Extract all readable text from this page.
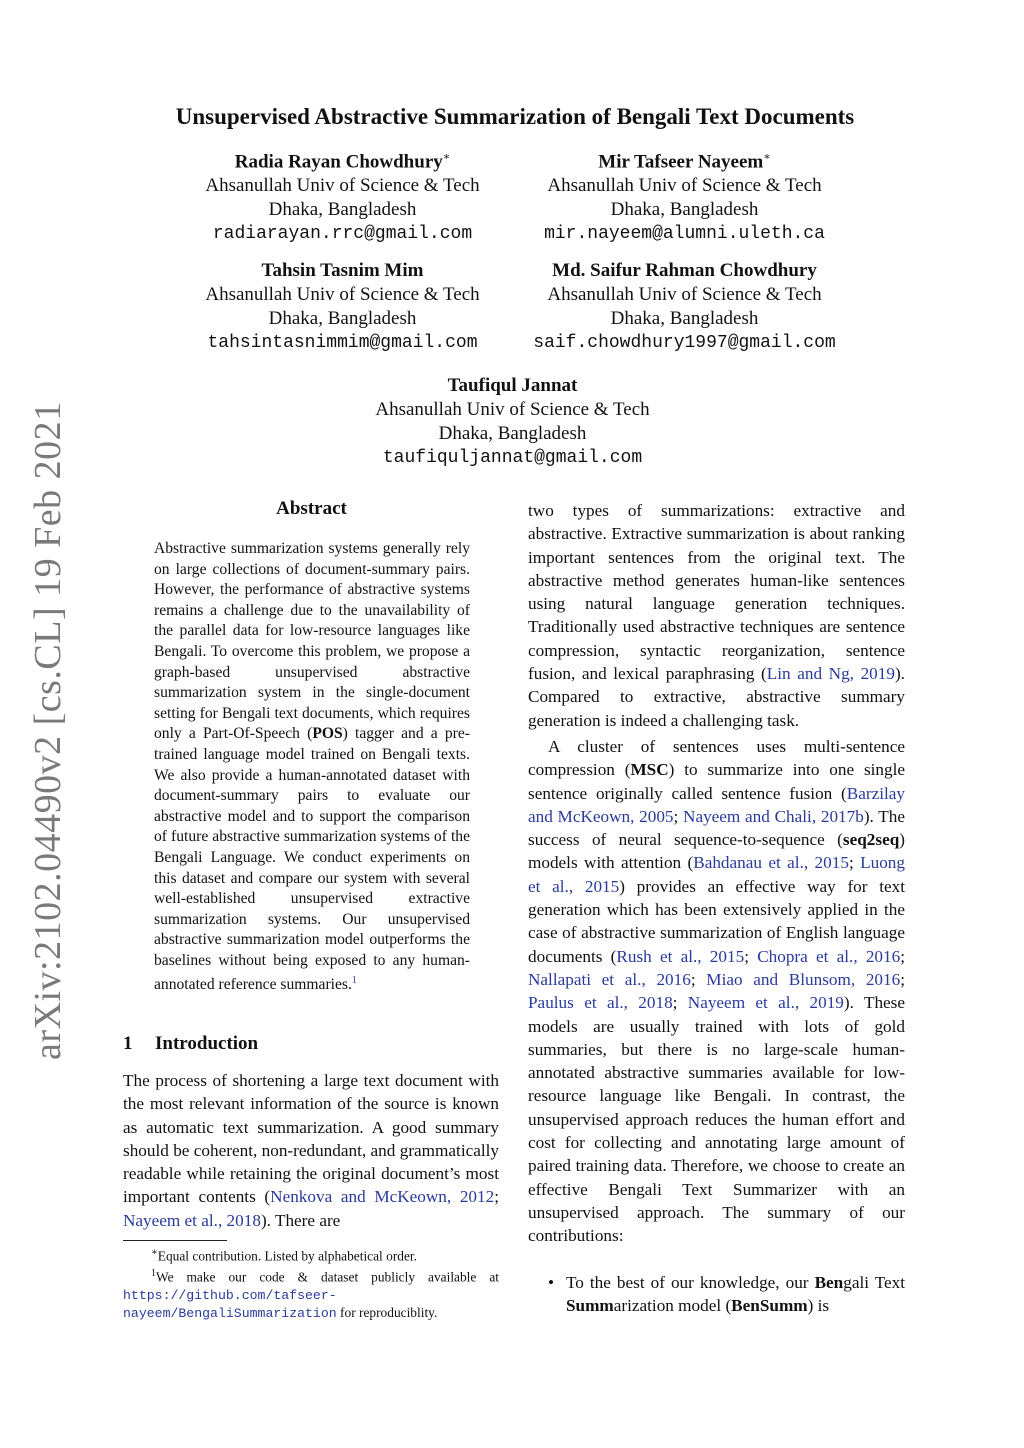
arXiv:2102.04490v2 [cs.CL] 19 Feb 2021
Unsupervised Abstractive Summarization of Bengali Text Documents
Radia Rayan Chowdhury∗
Ahsanullah Univ of Science & Tech
Dhaka, Bangladesh
radiarayan.rrc@gmail.com
Mir Tafseer Nayeem∗
Ahsanullah Univ of Science & Tech
Dhaka, Bangladesh
mir.nayeem@alumni.uleth.ca
Tahsin Tasnim Mim
Ahsanullah Univ of Science & Tech
Dhaka, Bangladesh
tahsintasnimmim@gmail.com
Md. Saifur Rahman Chowdhury
Ahsanullah Univ of Science & Tech
Dhaka, Bangladesh
saif.chowdhury1997@gmail.com
Taufiqul Jannat
Ahsanullah Univ of Science & Tech
Dhaka, Bangladesh
taufiquljannat@gmail.com
Abstract
Abstractive summarization systems generally rely on large collections of document-summary pairs. However, the performance of abstractive systems remains a challenge due to the unavailability of the parallel data for low-resource languages like Bengali. To overcome this problem, we propose a graph-based unsupervised abstractive summarization system in the single-document setting for Bengali text documents, which requires only a Part-Of-Speech (POS) tagger and a pre-trained language model trained on Bengali texts. We also provide a human-annotated dataset with document-summary pairs to evaluate our abstractive model and to support the comparison of future abstractive summarization systems of the Bengali Language. We conduct experiments on this dataset and compare our system with several well-established unsupervised extractive summarization systems. Our unsupervised abstractive summarization model outperforms the baselines without being exposed to any human-annotated reference summaries.$^1$
1 Introduction
The process of shortening a large text document with the most relevant information of the source is known as automatic text summarization. A good summary should be coherent, non-redundant, and grammatically readable while retaining the original document’s most important contents (Nenkova and McKeown, 2012; Nayeem et al., 2018). There are
∗Equal contribution. Listed by alphabetical order.
$^1$We make our code & dataset publicly available at https://github.com/tafseer-nayeem/BengaliSummarization for reproduciblity.

two types of summarizations: extractive and abstractive. Extractive summarization is about ranking important sentences from the original text. The abstractive method generates human-like sentences using natural language generation techniques. Traditionally used abstractive techniques are sentence compression, syntactic reorganization, sentence fusion, and lexical paraphrasing (Lin and Ng, 2019). Compared to extractive, abstractive summary generation is indeed a challenging task.

A cluster of sentences uses multi-sentence compression (MSC) to summarize into one single sentence originally called sentence fusion (Barzilay and McKeown, 2005; Nayeem and Chali, 2017b). The success of neural sequence-to-sequence (seq2seq) models with attention (Bahdanau et al., 2015; Luong et al., 2015) provides an effective way for text generation which has been extensively applied in the case of abstractive summarization of English language documents (Rush et al., 2015; Chopra et al., 2016; Nallapati et al., 2016; Miao and Blunsom, 2016; Paulus et al., 2018; Nayeem et al., 2019). These models are usually trained with lots of gold summaries, but there is no large-scale human-annotated abstractive summaries available for low-resource language like Bengali. In contrast, the unsupervised approach reduces the human effort and cost for collecting and annotating large amount of paired training data. Therefore, we choose to create an effective Bengali Text Summarizer with an unsupervised approach. The summary of our contributions:

• To the best of our knowledge, our Bengali Text Summarization model (BenSumm) is
